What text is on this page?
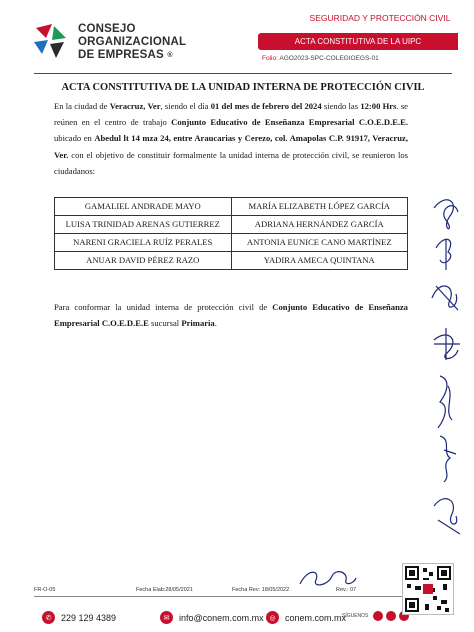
CONSEJO
ORGANIZACIONAL
DE EMPRESAS ®
SEGURIDAD Y PROTECCIÓN CIVIL
ACTA CONSTITUTIVA DE LA UIPC
Folio: AGO2023-SPC-COLEGIOEGS-01
ACTA CONSTITUTIVA DE LA UNIDAD INTERNA DE PROTECCIÓN CIVIL
En la ciudad de Veracruz, Ver, siendo el día 01 del mes de febrero del 2024 siendo las 12:00 Hrs. se reúnen en el centro de trabajo Conjunto Educativo de Enseñanza Empresarial C.O.E.D.E.E. ubicado en Abedul lt 14 mza 24, entre Araucarias y Cerezo, col. Amapolas C.P. 91917, Veracruz, Ver. con el objetivo de constituir formalmente la unidad interna de protección civil, se reunieron los ciudadanos:
GAMALIEL ANDRADE MAYO	MARÍA ELIZABETH LÓPEZ GARCÍA
LUISA TRINIDAD ARENAS GUTIERREZ	ADRIANA HERNÁNDEZ GARCÍA
NARENI GRACIELA RUÍZ PERALES	ANTONIA EUNICE CANO MARTÍNEZ
ANUAR DAVID PÉREZ RAZO	YADIRA AMECA QUINTANA
Para conformar la unidad interna de protección civil de Conjunto Educativo de Enseñanza Empresarial C.O.E.D.E.E sucursal Primaria.
FR-O-05	Fecha Elab:28/05/2021	Fecha Rev: 18/05/2022	Rev.: 07
✆	229 129 4389	✉	info@conem.com.mx ◎	conem.com.mx
SÍGUENOS
